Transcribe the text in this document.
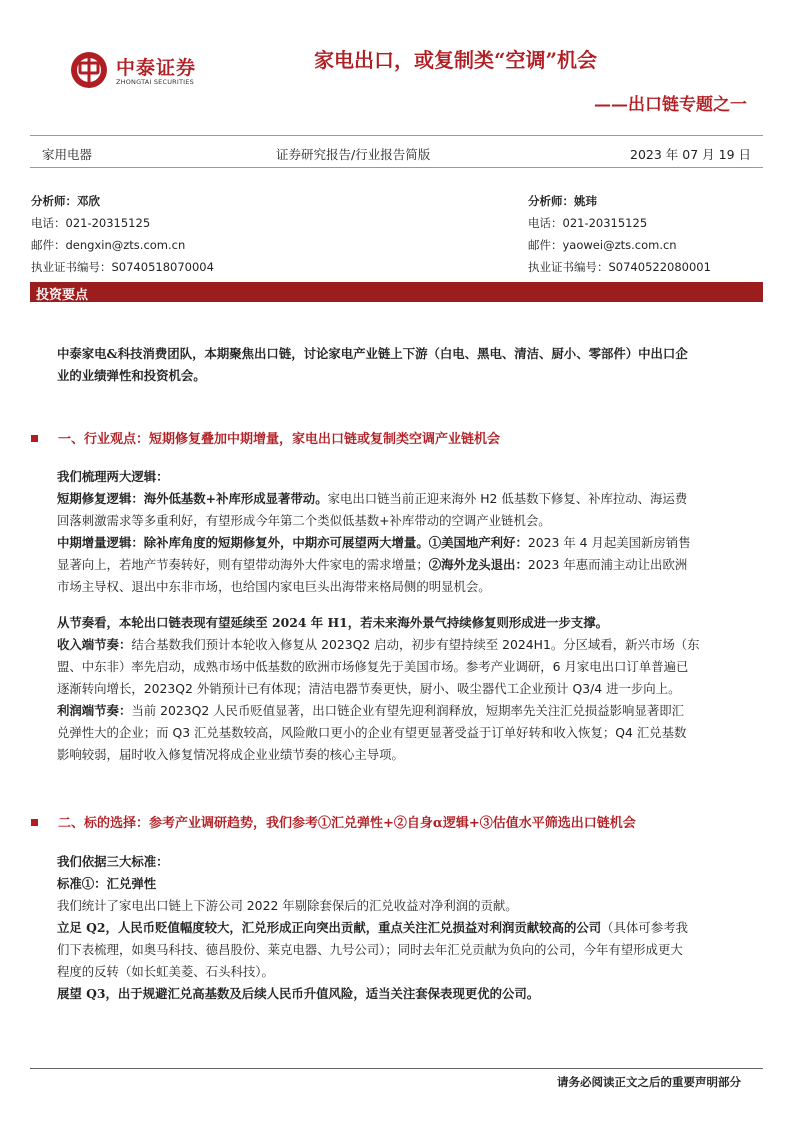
中泰证券
ZHONGTAI SECURITIES
家电出口，或复制类“空调”机会
——出口链专题之一
家用电器	证券研究报告/行业报告简版	2023 年 07 月 19 日
分析师：邓欣
电话：021-20315125
邮件：dengxin@zts.com.cn
执业证书编号：S0740518070004
分析师：姚玮
电话：021-20315125
邮件：yaowei@zts.com.cn
执业证书编号：S0740522080001
投资要点
中泰家电&科技消费团队，本期聚焦出口链，讨论家电产业链上下游（白电、黑电、清洁、厨小、零部件）中出口企
业的业绩弹性和投资机会。
一、行业观点：短期修复叠加中期增量，家电出口链或复制类空调产业链机会
我们梳理两大逻辑：
短期修复逻辑：海外低基数+补库形成显著带动。家电出口链当前正迎来海外 H2 低基数下修复、补库拉动、海运费
回落刺激需求等多重利好，有望形成今年第二个类似低基数+补库带动的空调产业链机会。
中期增量逻辑：除补库角度的短期修复外，中期亦可展望两大增量。①美国地产利好：2023 年 4 月起美国新房销售
显著向上，若地产节奏转好，则有望带动海外大件家电的需求增量；②海外龙头退出：2023 年惠而浦主动让出欧洲
市场主导权、退出中东非市场，也给国内家电巨头出海带来格局侧的明显机会。
从节奏看，本轮出口链表现有望延续至 2024 年 H1，若未来海外景气持续修复则形成进一步支撑。
收入端节奏：结合基数我们预计本轮收入修复从 2023Q2 启动，初步有望持续至 2024H1。分区域看，新兴市场（东
盟、中东非）率先启动，成熟市场中低基数的欧洲市场修复先于美国市场。参考产业调研，6 月家电出口订单普遍已
逐渐转向增长，2023Q2 外销预计已有体现；清洁电器节奏更快，厨小、吸尘器代工企业预计 Q3/4 进一步向上。
利润端节奏：当前 2023Q2 人民币贬值显著，出口链企业有望先迎利润释放，短期率先关注汇兑损益影响显著即汇
兑弹性大的企业；而 Q3 汇兑基数较高，风险敞口更小的企业有望更显著受益于订单好转和收入恢复；Q4 汇兑基数
影响较弱，届时收入修复情况将成企业业绩节奏的核心主导项。
二、标的选择：参考产业调研趋势，我们参考①汇兑弹性+②自身α逻辑+③估值水平筛选出口链机会
我们依据三大标准：
标准①：汇兑弹性
我们统计了家电出口链上下游公司 2022 年剔除套保后的汇兑收益对净利润的贡献。
立足 Q2，人民币贬值幅度较大，汇兑形成正向突出贡献，重点关注汇兑损益对利润贡献较高的公司（具体可参考我
们下表梳理，如奥马科技、德昌股份、莱克电器、九号公司）；同时去年汇兑贡献为负向的公司，今年有望形成更大
程度的反转（如长虹美菱、石头科技）。
展望 Q3，出于规避汇兑高基数及后续人民币升值风险，适当关注套保表现更优的公司。
请务必阅读正文之后的重要声明部分
